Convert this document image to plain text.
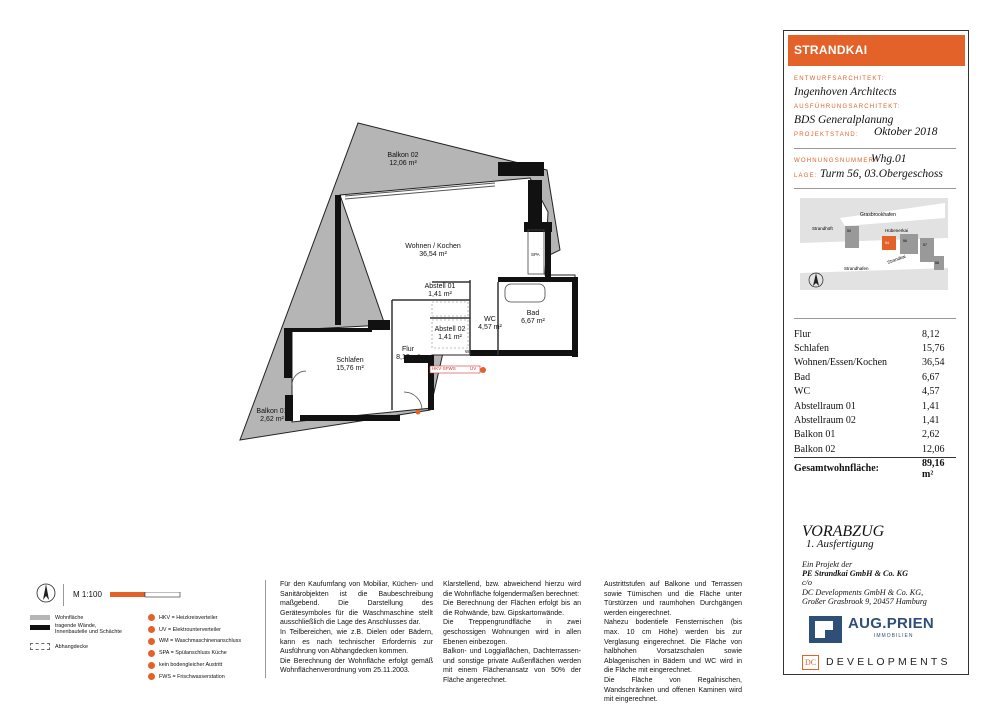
Balkon 02
12,06 m²
Wohnen / Kochen
36,54 m²
Abstell 01
1,41 m²
Abstell 02
1,41 m²
WC
4,57 m²
Bad
6,67 m²
Flur
8,12 m²
Schlafen
15,76 m²
Balkon 01
2,62 m²
SPA
WM
HKV·SFWS	UV
STRANDKAI
ENTWURFSARCHITEKT:
Ingenhoven Architects
AUSFÜHRUNGSARCHITEKT:
BDS Generalplanung
PROJEKTSTAND: Oktober 2018
WOHNUNGSNUMMER:
Whg.01
LAGE: Turm 56, 03.Obergeschoss
Grasbrookhafen
Strandhöft	Hübenerkai
Strandhafen
Strandkai
50
54	56
57
58
Flur	8,12
Schlafen	15,76
Wohnen/Essen/Kochen	36,54
Bad	6,67
WC	4,57
Abstellraum 01	1,41
Abstellraum 02	1,41
Balkon 01	2,62
Balkon 02	12,06
Gesamtwohnfläche:	89,16 m²
VORABZUG
1. Ausfertigung
Ein Projekt der
PE Strandkai GmbH & Co. KG
c/o
DC Developments GmbH & Co. KG,
Großer Grasbrook 9, 20457 Hamburg
AUG.PRIEN
IMMOBILIEN
DC DEVELOPMENTS
M 1:100
Wohnfläche
tragende Wände, Innenbauteile und Schächte
Abhangdecke
HKV = Heizkreisverteiler
UV = Elektrounterverteiler
WM = Waschmaschinenanschluss
SPA = Spülanschluss Küche
kein bodengleicher Austritt
FWS = Frischwasserstation
Für den Kaufumfang von Mobiliar, Küchen- und Sanitärobjekten ist die Baubeschreibung maßgebend. Die Darstellung des Gerätesymboles für die Waschmaschine stellt ausschließlich die Lage des Anschlusses dar.
In Teilbereichen, wie z.B. Dielen oder Bädern, kann es nach technischer Erfordernis zur Ausführung von Abhangdecken kommen.
Die Berechnung der Wohnfläche erfolgt gemäß Wohnflächenverordnung vom 25.11.2003.
Klarstellend, bzw. abweichend hierzu wird die Wohnfläche folgendermaßen berechnet:
Die Berechnung der Flächen erfolgt bis an die Rohwände, bzw. Gipskartonwände.
Die Treppengrundfläche in zwei geschossigen Wohnungen wird in allen Ebenen einbezogen.
Balkon- und Loggiaflächen, Dachterrassen- und sonstige private Außenflächen werden mit einem Flächenansatz von 50% der Fläche angerechnet.
Austrittstufen auf Balkone und Terrassen sowie Türnischen und die Fläche unter Türstürzen und raumhohen Durchgängen werden eingerechnet.
Nahezu bodentiefe Fensternischen (bis max. 10 cm Höhe) werden bis zur Verglasung eingerechnet. Die Fläche von halbhohen Vorsatzschalen sowie Ablagenischen in Bädern und WC wird in die Fläche mit eingerechnet.
Die Fläche von Regalnischen, Wandschränken und offenen Kaminen wird mit eingerechnet.
